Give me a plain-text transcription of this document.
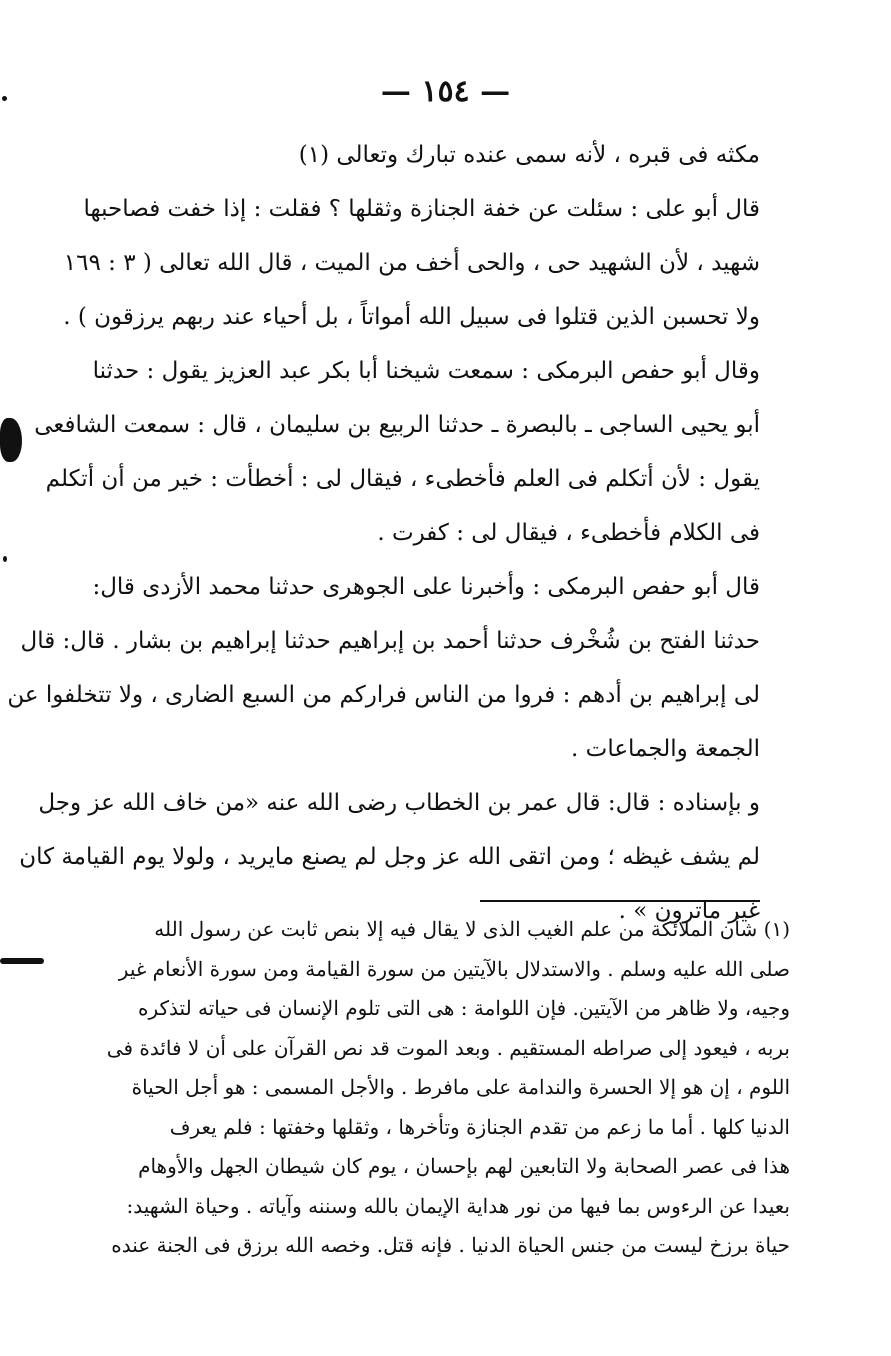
— ١٥٤ —
مكثه فى قبره ، لأنه سمى عنده تبارك وتعالى (١)
قال أبو على : سئلت عن خفة الجنازة وثقلها ؟ فقلت : إذا خفت فصاحبها
شهيد ، لأن الشهيد حى ، والحى أخف من الميت ، قال الله تعالى ( ٣ : ١٦٩
ولا تحسبن الذين قتلوا فى سبيل الله أمواتاً ، بل أحياء عند ربهم يرزقون ) .
وقال أبو حفص البرمكى : سمعت شيخنا أبا بكر عبد العزيز يقول : حدثنا
أبو يحيى الساجى ـ بالبصرة ـ حدثنا الربيع بن سليمان ، قال : سمعت الشافعى
يقول : لأن أتكلم فى العلم فأخطىء ، فيقال لى : أخطأت : خير من أن أتكلم
فى الكلام فأخطىء ، فيقال لى : كفرت .
قال أبو حفص البرمكى : وأخبرنا على الجوهرى حدثنا محمد الأزدى قال:
حدثنا الفتح بن شُخْرف حدثنا أحمد بن إبراهيم حدثنا إبراهيم بن بشار . قال: قال
لى إبراهيم بن أدهم : فروا من الناس فراركم من السبع الضارى ، ولا تتخلفوا عن
الجمعة والجماعات .
و بإسناده : قال: قال عمر بن الخطاب رضى الله عنه «من خاف الله عز وجل
لم يشف غيظه ؛ ومن اتقى الله عز وجل لم يصنع مايريد ، ولولا يوم القيامة كان
غير ماترون » .
(١) شأن الملائكة من علم الغيب الذى لا يقال فيه إلا بنص ثابت عن رسول الله
صلى الله عليه وسلم . والاستدلال بالآيتين من سورة القيامة ومن سورة الأنعام غير
وجيه، ولا ظاهر من الآيتين. فإن اللوامة : هى التى تلوم الإنسان فى حياته لتذكره
بربه ، فيعود إلى صراطه المستقيم . وبعد الموت قد نص القرآن على أن لا فائدة فى
اللوم ، إن هو إلا الحسرة والندامة على مافرط . والأجل المسمى : هو أجل الحياة
الدنيا كلها . أما ما زعم من تقدم الجنازة وتأخرها ، وثقلها وخفتها : فلم يعرف
هذا فى عصر الصحابة ولا التابعين لهم بإحسان ، يوم كان شيطان الجهل والأوهام
بعيدا عن الرءوس بما فيها من نور هداية الإيمان بالله وسننه وآياته . وحياة الشهيد:
حياة برزخ ليست من جنس الحياة الدنيا . فإنه قتل. وخصه الله برزق فى الجنة عنده
